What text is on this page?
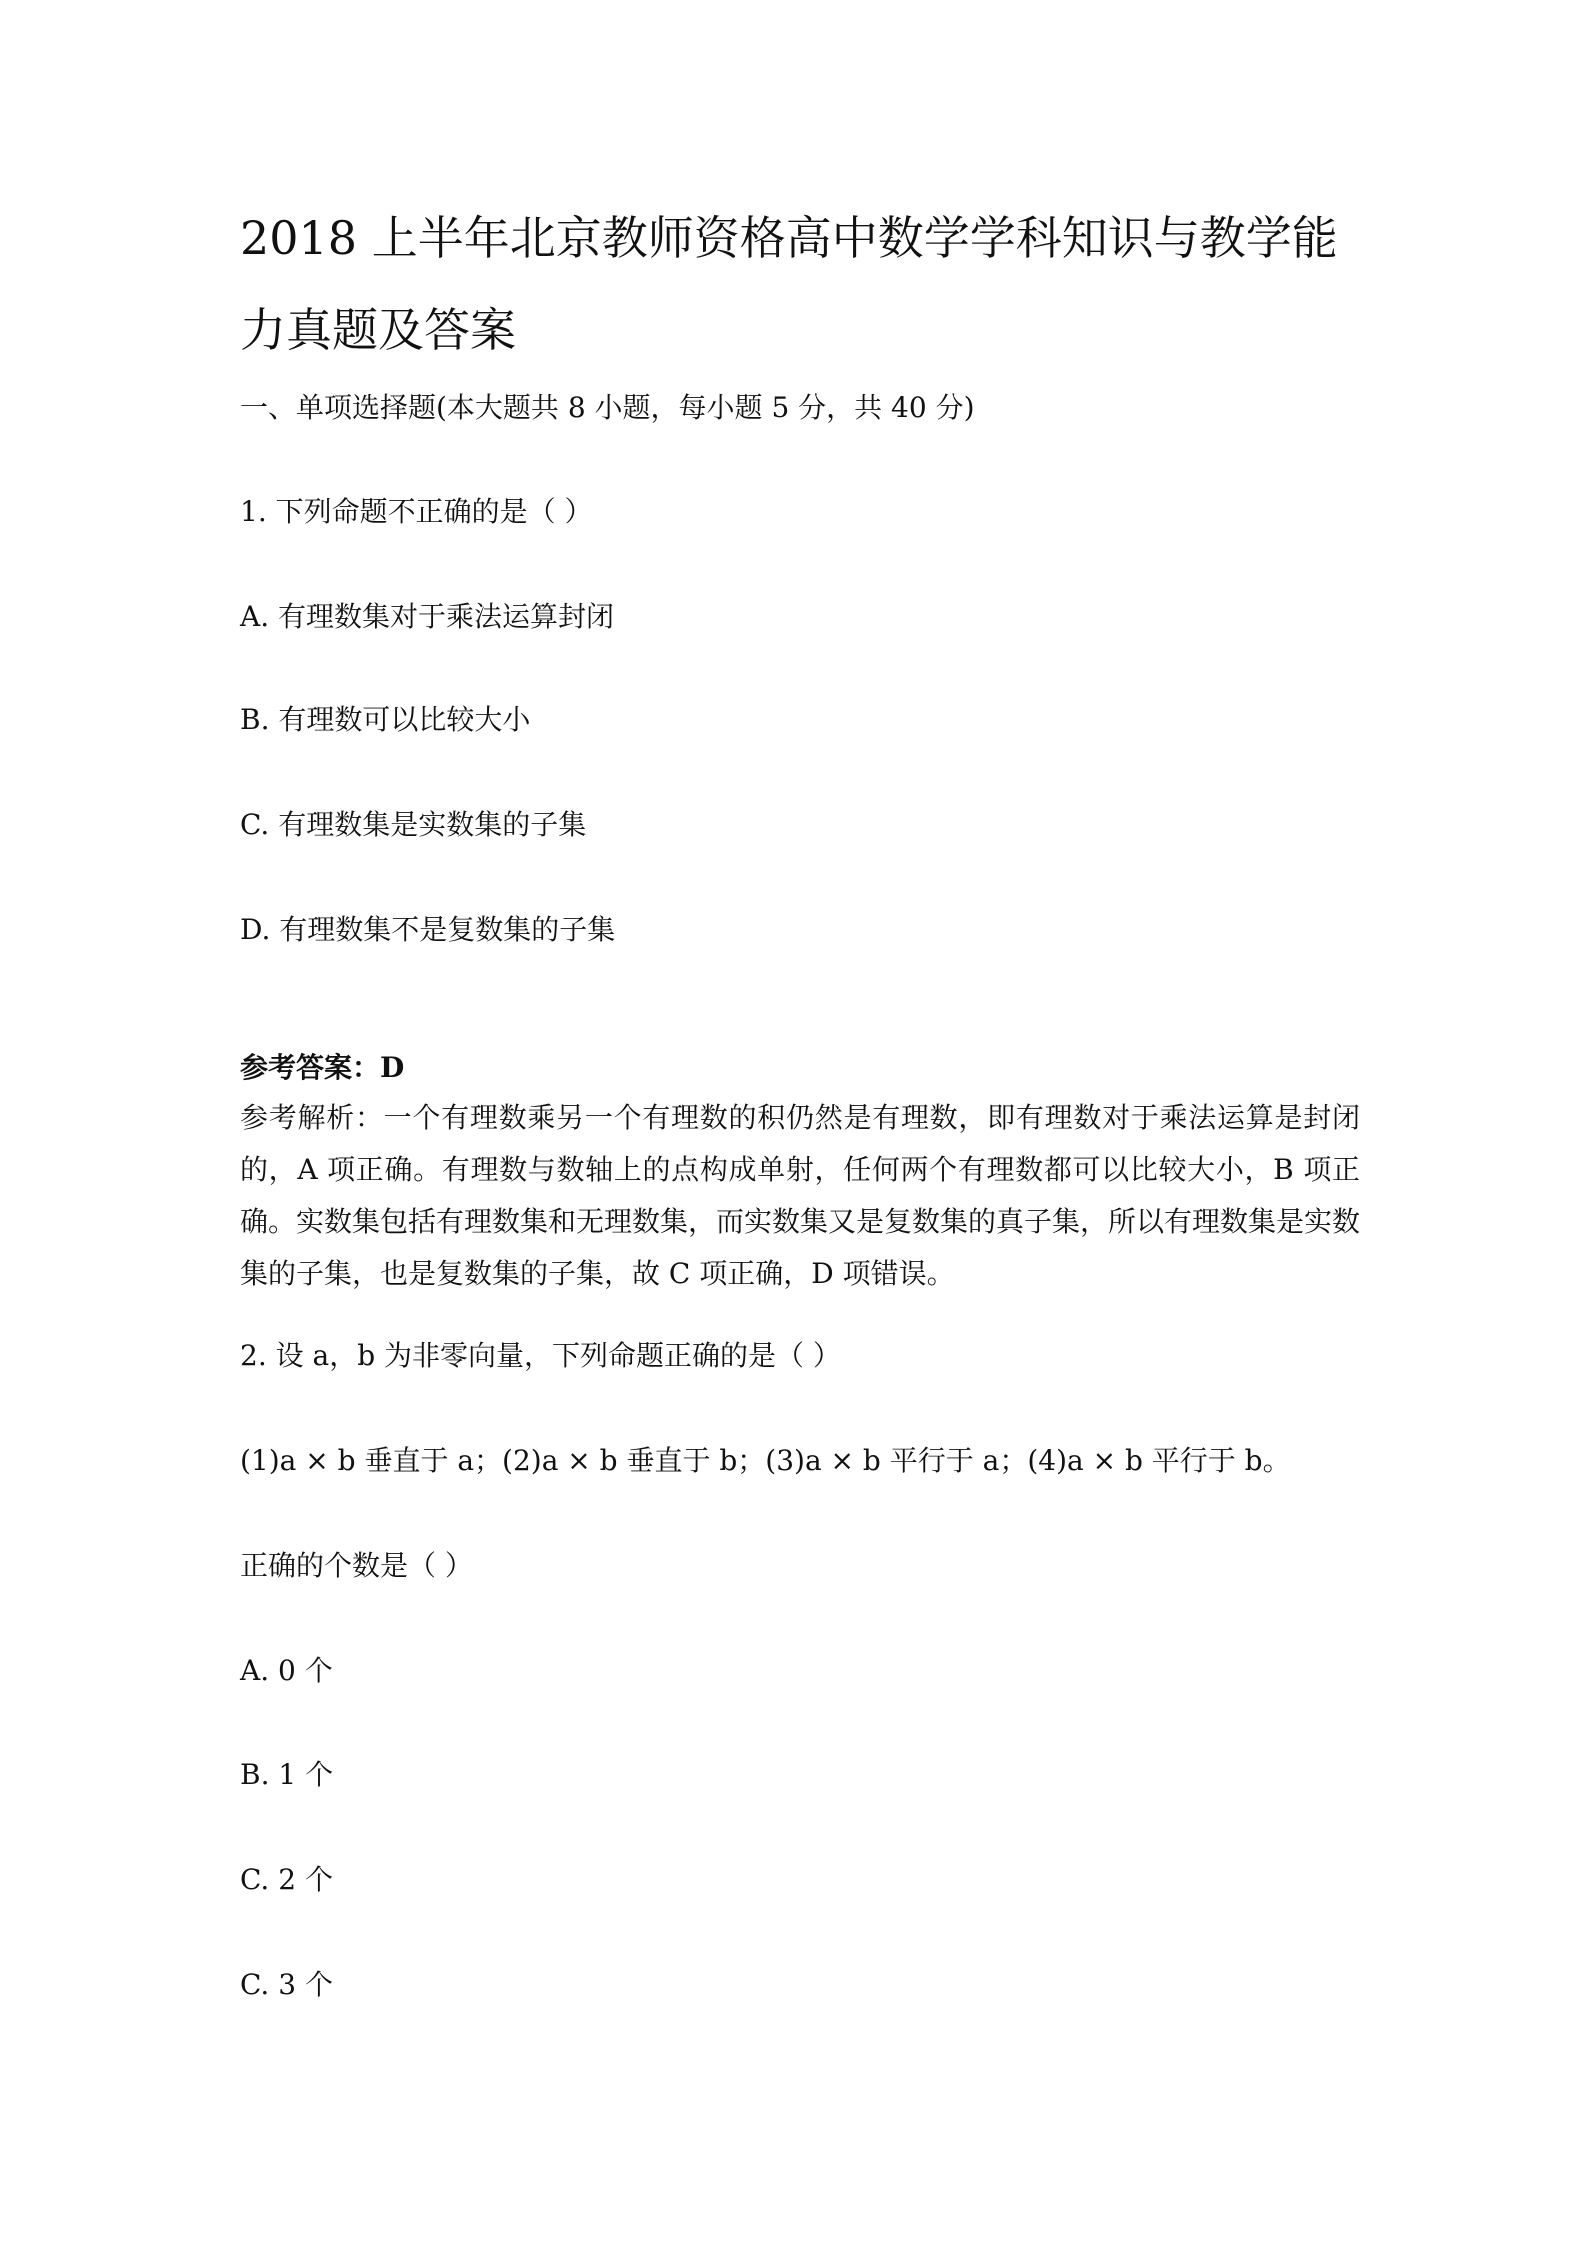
2018 上半年北京教师资格高中数学学科知识与教学能力真题及答案
一、单项选择题(本大题共 8 小题，每小题 5 分，共 40 分)
1. 下列命题不正确的是（ ）
A. 有理数集对于乘法运算封闭
B. 有理数可以比较大小
C. 有理数集是实数集的子集
D. 有理数集不是复数集的子集
参考答案：D
参考解析：一个有理数乘另一个有理数的积仍然是有理数，即有理数对于乘法运算是封闭的，A 项正确。有理数与数轴上的点构成单射，任何两个有理数都可以比较大小，B 项正确。实数集包括有理数集和无理数集，而实数集又是复数集的真子集，所以有理数集是实数集的子集，也是复数集的子集，故 C 项正确，D 项错误。
2. 设 a，b 为非零向量，下列命题正确的是（ ）
(1)a × b 垂直于 a；(2)a × b 垂直于 b；(3)a × b 平行于 a；(4)a × b 平行于 b。
正确的个数是（ ）
A. 0 个
B. 1 个
C. 2 个
C. 3 个
